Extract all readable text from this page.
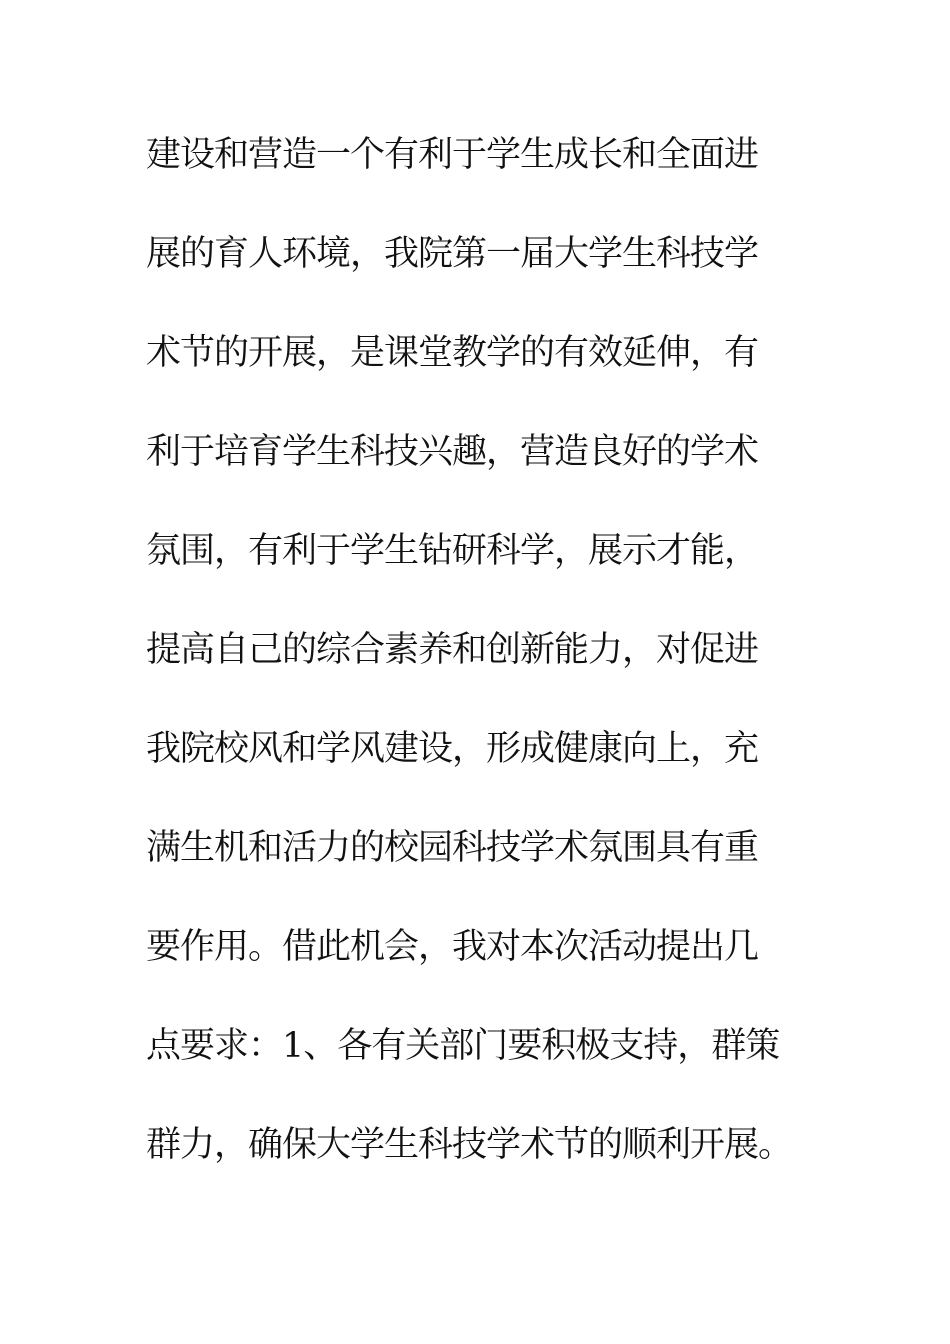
建设和营造一个有利于学生成长和全面进
展的育人环境，我院第一届大学生科技学
术节的开展，是课堂教学的有效延伸，有
利于培育学生科技兴趣，营造良好的学术
氛围，有利于学生钻研科学，展示才能，
提高自己的综合素养和创新能力，对促进
我院校风和学风建设，形成健康向上，充
满生机和活力的校园科技学术氛围具有重
要作用。借此机会，我对本次活动提出几
点要求：1、各有关部门要积极支持，群策
群力，确保大学生科技学术节的顺利开展。
